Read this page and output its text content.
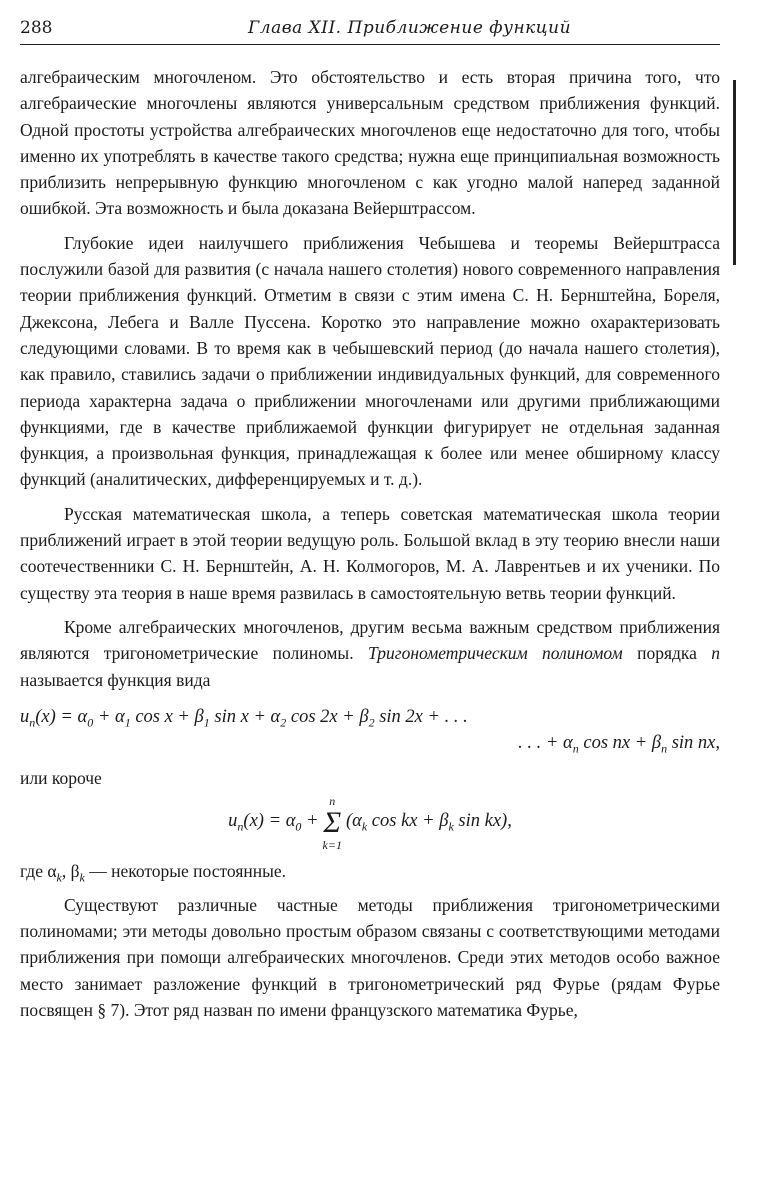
288	Глава XII. Приближение функций

алгебраическим многочленом. Это обстоятельство и есть вторая причина того, что алгебраические многочлены являются универсальным средством приближения функций. Одной простоты устройства алгебраических многочленов еще недостаточно для того, чтобы именно их употреблять в качестве такого средства; нужна еще принципиальная возможность приблизить непрерывную функцию многочленом с как угодно малой наперед заданной ошибкой. Эта возможность и была доказана Вейерштрассом.

Глубокие идеи наилучшего приближения Чебышева и теоремы Вейерштрасса послужили базой для развития (с начала нашего столетия) нового современного направления теории приближения функций. Отметим в связи с этим имена С. Н. Бернштейна, Бореля, Джексона, Лебега и Валле Пуссена. Коротко это направление можно охарактеризовать следующими словами. В то время как в чебышевский период (до начала нашего столетия), как правило, ставились задачи о приближении индивидуальных функций, для современного периода характерна задача о приближении многочленами или другими приближающими функциями, где в качестве приближаемой функции фигурирует не отдельная заданная функция, а произвольная функция, принадлежащая к более или менее обширному классу функций (аналитических, дифференцируемых и т. д.).

Русская математическая школа, а теперь советская математическая школа теории приближений играет в этой теории ведущую роль. Большой вклад в эту теорию внесли наши соотечественники С. Н. Бернштейн, А. Н. Колмогоров, М. А. Лаврентьев и их ученики. По существу эта теория в наше время развилась в самостоятельную ветвь теории функций.

Кроме алгебраических многочленов, другим весьма важным средством приближения являются тригонометрические полиномы. Тригонометрическим полиномом порядка n называется функция вида

$u_n(x) = \alpha_0 + \alpha_1$ $\cos x + \beta_1$ $\sin x + \alpha_2$ $\cos 2x + \beta_2$ sin 2x + . . .
. . . + $\alpha_n$ cos nx + $\beta_n$ sin nx,
или короче
$u_n(x) = \alpha_0$ +
n
Σ
k=1
($\alpha_k$ cos kx + $\beta_k$ sin kx),
где $\alpha_k$, $\beta_k$ — некоторые постоянные.

Существуют различные частные методы приближения тригонометрическими полиномами; эти методы довольно простым образом связаны с соответствующими методами приближения при помощи алгебраических многочленов. Среди этих методов особо важное место занимает разложение функций в тригонометрический ряд Фурье (рядам Фурье посвящен § 7). Этот ряд назван по имени французского математика Фурье,
